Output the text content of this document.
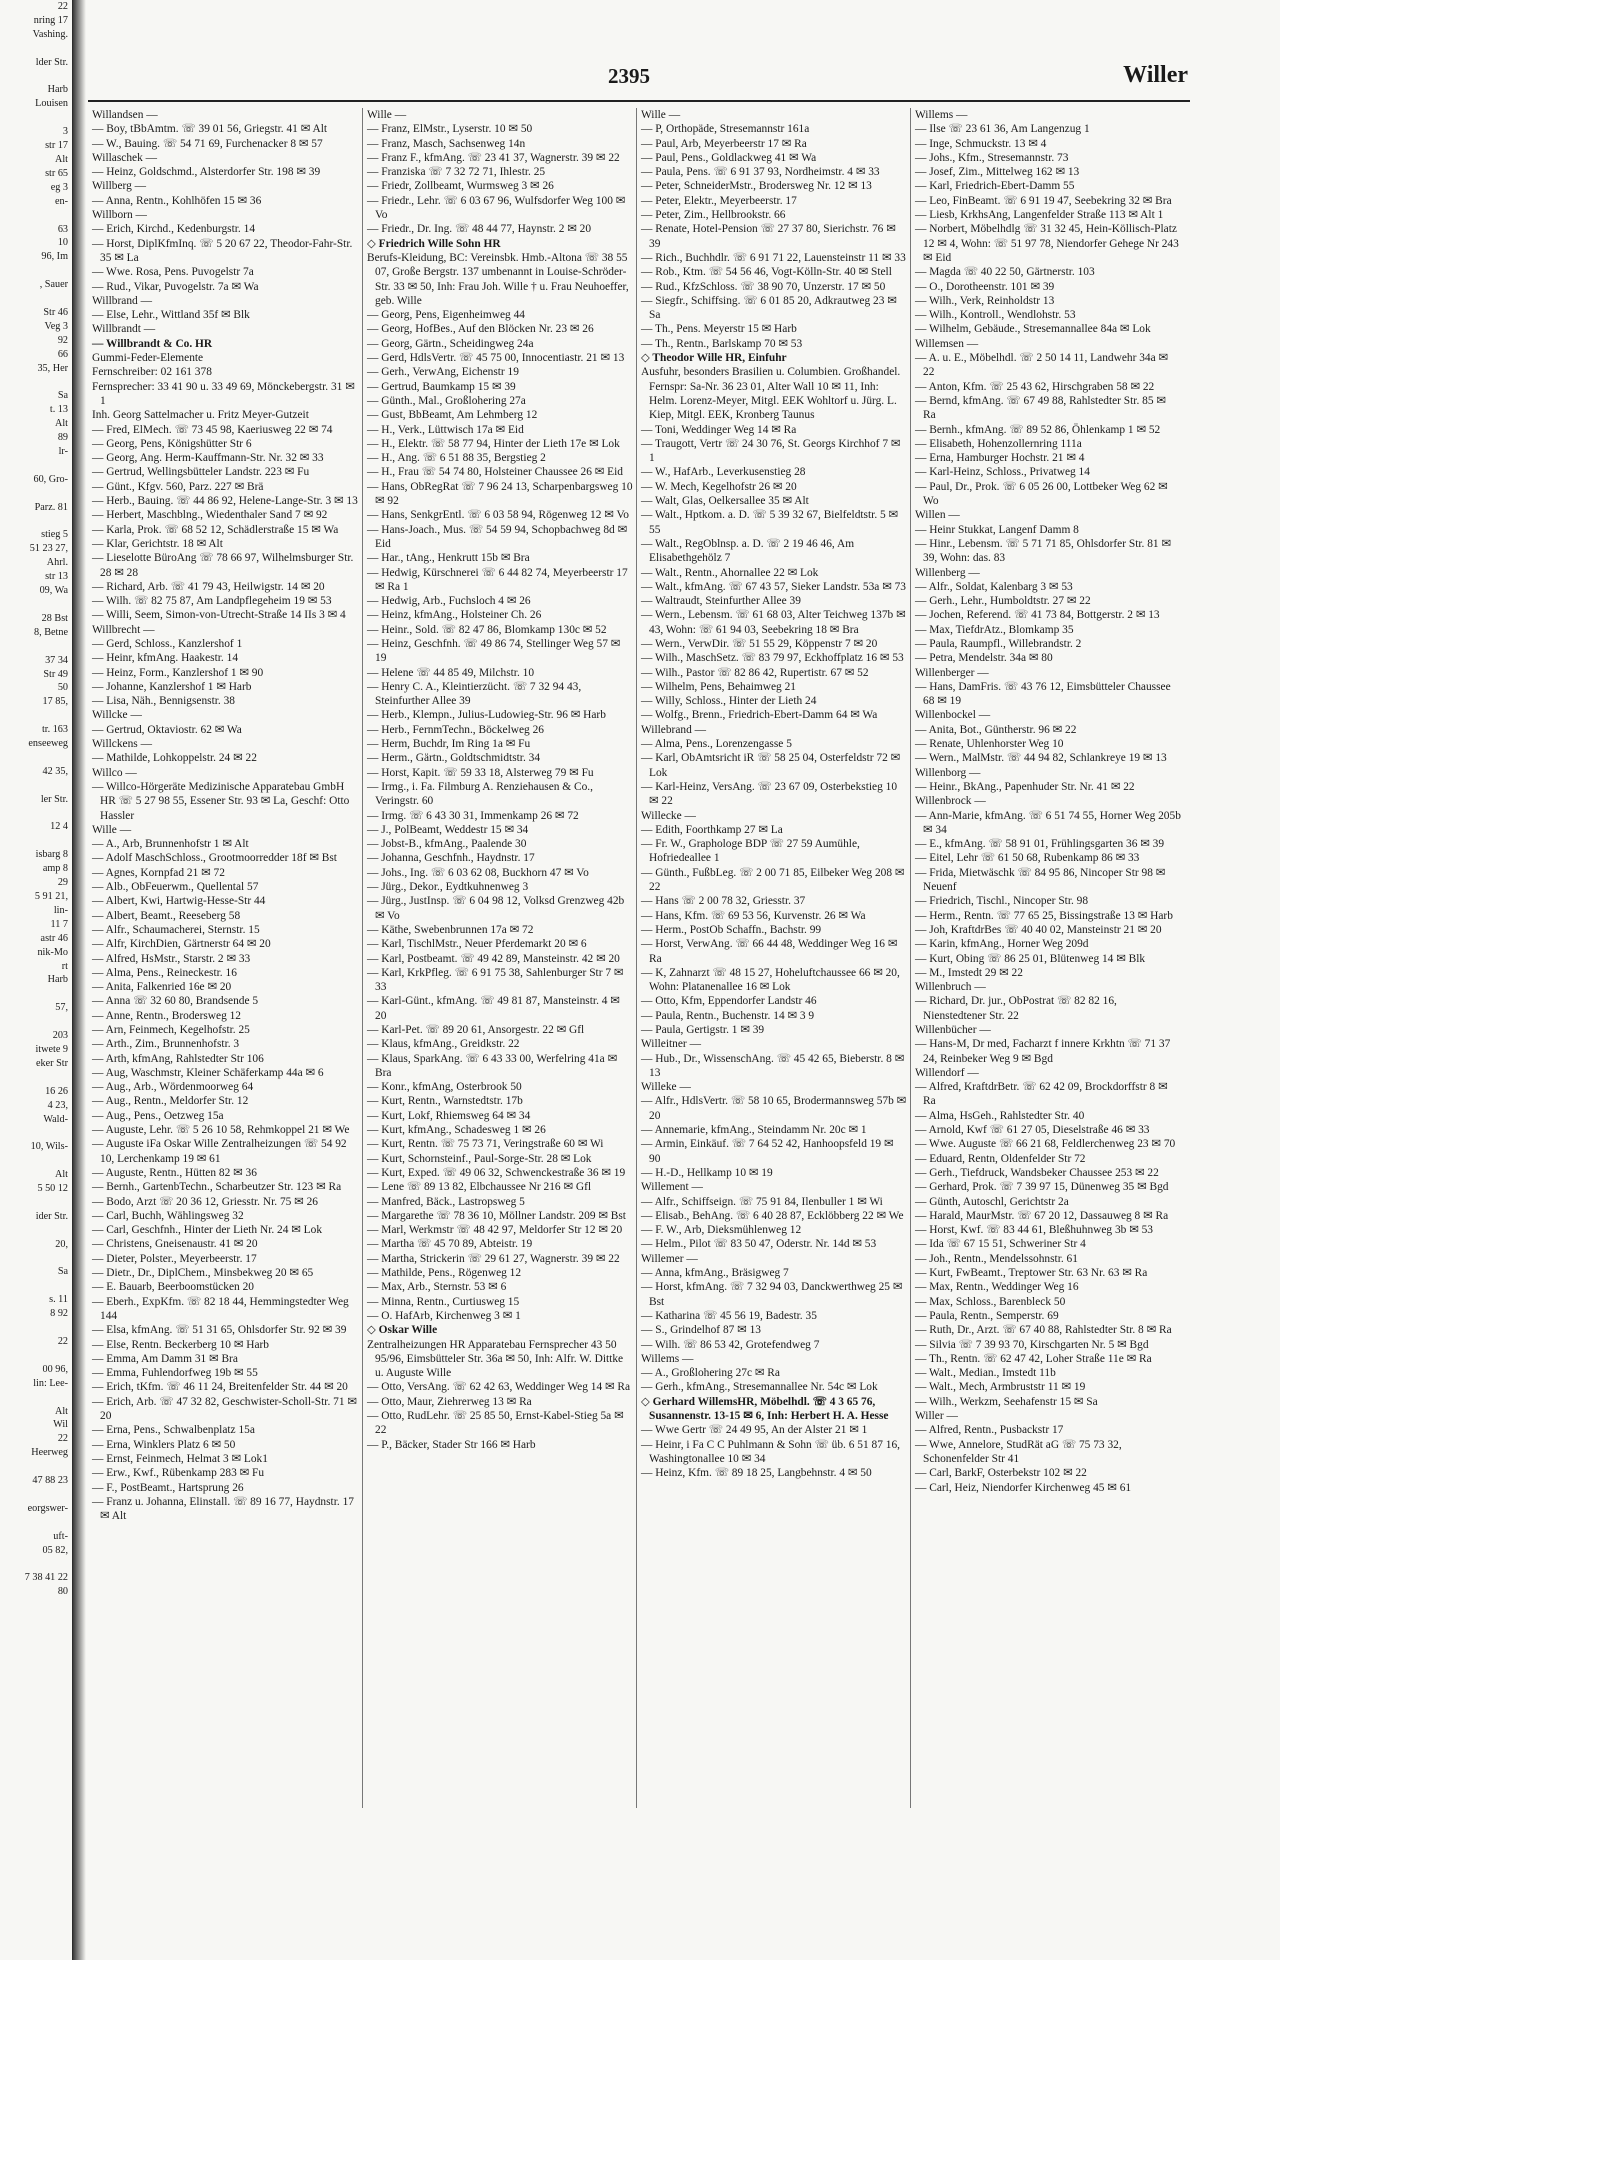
22
nring 17
Vashing.

lder Str.

Harb
Louisen

3
str 17
Alt
str 65
eg 3
en-

63
10
96, Im

, Sauer

Str 46
Veg 3
92
66
35, Her

Sa
t. 13
Alt
89
lr-

60, Gro-

Parz. 81

stieg 5
51 23 27,
Ahrl.
str 13
09, Wa

28 Bst
8, Betne

37 34
Str 49
50
17 85,

tr. 163
enseeweg

42 35,

ler Str.

12 4

isbarg 8
amp 8
29
5 91 21,
lin-
11 7
astr 46
nik-Mo
rt
Harb

57,

203
itwete 9
eker Str

16 26
4 23,
Wald-

10, Wils-

Alt
5 50 12

ider Str.

20,

Sa

s. 11
8 92

22

00 96,
lin: Lee-

Alt
Wil
22
Heerweg

47 88 23

eorgswer-

uft-
05 82,

7 38 41 22
80
2395	Willer
Willandsen —
— Boy, tBbAmtm. ☏ 39 01 56, Griegstr. 41 ✉ Alt
— W., Bauing. ☏ 54 71 69, Furchenacker 8 ✉ 57
Willaschek —
— Heinz, Goldschmd., Alsterdorfer Str. 198 ✉ 39
Willberg —
— Anna, Rentn., Kohlhöfen 15 ✉ 36
Willborn —
— Erich, Kirchd., Kedenburgstr. 14
— Horst, DiplKfmInq. ☏ 5 20 67 22, Theodor-Fahr-Str. 35 ✉ La
— Wwe. Rosa, Pens. Puvogelstr 7a
— Rud., Vikar, Puvogelstr. 7a ✉ Wa
Willbrand —
— Else, Lehr., Wittland 35f ✉ Blk
Willbrandt —
— Willbrandt & Co. HR
Gummi-Feder-Elemente
Fernschreiber: 02 161 378
Fernsprecher: 33 41 90 u. 33 49 69, Mönckebergstr. 31 ✉ 1
Inh. Georg Sattelmacher u. Fritz Meyer-Gutzeit
— Fred, ElMech. ☏ 73 45 98, Kaeriusweg 22 ✉ 74
— Georg, Pens, Königshütter Str 6
— Georg, Ang. Herm-Kauffmann-Str. Nr. 32 ✉ 33
— Gertrud, Wellingsbütteler Landstr. 223 ✉ Fu
— Günt., Kfgv. 560, Parz. 227 ✉ Brä
— Herb., Bauing. ☏ 44 86 92, Helene-Lange-Str. 3 ✉ 13
— Herbert, Maschblng., Wiedenthaler Sand 7 ✉ 92
— Karla, Prok. ☏ 68 52 12, Schädlerstraße 15 ✉ Wa
— Klar, Gerichtstr. 18 ✉ Alt
— Lieselotte BüroAng ☏ 78 66 97, Wilhelmsburger Str. 28 ✉ 28
— Richard, Arb. ☏ 41 79 43, Heilwigstr. 14 ✉ 20
— Wilh. ☏ 82 75 87, Am Landpflegeheim 19 ✉ 53
— Willi, Seem, Simon-von-Utrecht-Straße 14 IIs 3 ✉ 4
Willbrecht —
— Gerd, Schloss., Kanzlershof 1
— Heinr, kfmAng. Haakestr. 14
— Heinz, Form., Kanzlershof 1 ✉ 90
— Johanne, Kanzlershof 1 ✉ Harb
— Lisa, Näh., Bennigsenstr. 38
Willcke —
— Gertrud, Oktaviostr. 62 ✉ Wa
Willckens —
— Mathilde, Lohkoppelstr. 24 ✉ 22
Willco —
— Willco-Hörgeräte Medizinische Apparatebau GmbH HR ☏ 5 27 98 55, Essener Str. 93 ✉ La, Geschf: Otto Hassler
Wille —
— A., Arb, Brunnenhofstr 1 ✉ Alt
— Adolf MaschSchloss., Grootmoorredder 18f ✉ Bst
— Agnes, Kornpfad 21 ✉ 72
— Alb., ObFeuerwm., Quellental 57
— Albert, Kwi, Hartwig-Hesse-Str 44
— Albert, Beamt., Reeseberg 58
— Alfr., Schaumacherei, Sternstr. 15
— Alfr, KirchDien, Gärtnerstr 64 ✉ 20
— Alfred, HsMstr., Starstr. 2 ✉ 33
— Alma, Pens., Reineckestr. 16
— Anita, Falkenried 16e ✉ 20
— Anna ☏ 32 60 80, Brandsende 5
— Anne, Rentn., Brodersweg 12
— Arn, Feinmech, Kegelhofstr. 25
— Arth., Zim., Brunnenhofstr. 3
— Arth, kfmAng, Rahlstedter Str 106
— Aug, Waschmstr, Kleiner Schäferkamp 44a ✉ 6
— Aug., Arb., Wördenmoorweg 64
— Aug., Rentn., Meldorfer Str. 12
— Aug., Pens., Oetzweg 15a
— Auguste, Lehr. ☏ 5 26 10 58, Rehmkoppel 21 ✉ We
— Auguste iFa Oskar Wille Zentralheizungen ☏ 54 92 10, Lerchenkamp 19 ✉ 61
— Auguste, Rentn., Hütten 82 ✉ 36
— Bernh., GartenbTechn., Scharbeutzer Str. 123 ✉ Ra
— Bodo, Arzt ☏ 20 36 12, Griesstr. Nr. 75 ✉ 26
— Carl, Buchh, Wählingsweg 32
— Carl, Geschfnh., Hinter der Lieth Nr. 24 ✉ Lok
— Christens, Gneisenaustr. 41 ✉ 20
— Dieter, Polster., Meyerbeerstr. 17
— Dietr., Dr., DiplChem., Minsbekweg 20 ✉ 65
— E. Bauarb, Beerboomstücken 20
— Eberh., ExpKfm. ☏ 82 18 44, Hemmingstedter Weg 144
— Elsa, kfmAng. ☏ 51 31 65, Ohlsdorfer Str. 92 ✉ 39
— Else, Rentn. Beckerberg 10 ✉ Harb
— Emma, Am Damm 31 ✉ Bra
— Emma, Fuhlendorfweg 19b ✉ 55
— Erich, tKfm. ☏ 46 11 24, Breitenfelder Str. 44 ✉ 20
— Erich, Arb. ☏ 47 32 82, Geschwister-Scholl-Str. 71 ✉ 20
— Erna, Pens., Schwalbenplatz 15a
— Erna, Winklers Platz 6 ✉ 50
— Ernst, Feinmech, Helmat 3 ✉ Lok1
— Erw., Kwf., Rübenkamp 283 ✉ Fu
— F., PostBeamt., Hartsprung 26
— Franz u. Johanna, Elinstall. ☏ 89 16 77, Haydnstr. 17 ✉ Alt
Wille —
— Franz, ElMstr., Lyserstr. 10 ✉ 50
— Franz, Masch, Sachsenweg 14n
— Franz F., kfmAng. ☏ 23 41 37, Wagnerstr. 39 ✉ 22
— Franziska ☏ 7 32 72 71, Ihlestr. 25
— Friedr, Zollbeamt, Wurmsweg 3 ✉ 26
— Friedr., Lehr. ☏ 6 03 67 96, Wulfsdorfer Weg 100 ✉ Vo
— Friedr., Dr. Ing. ☏ 48 44 77, Haynstr. 2 ✉ 20
◇ Friedrich Wille Sohn HR
Berufs-Kleidung, BC: Vereinsbk. Hmb.-Altona ☏ 38 55 07, Große Bergstr. 137 umbenannt in Louise-Schröder-Str. 33 ✉ 50, Inh: Frau Joh. Wille † u. Frau Neuhoeffer, geb. Wille
— Georg, Pens, Eigenheimweg 44
— Georg, HofBes., Auf den Blöcken Nr. 23 ✉ 26
— Georg, Gärtn., Scheidingweg 24a
— Gerd, HdlsVertr. ☏ 45 75 00, Innocentiastr. 21 ✉ 13
— Gerh., VerwAng, Eichenstr 19
— Gertrud, Baumkamp 15 ✉ 39
— Günth., Mal., Großlohering 27a
— Gust, BbBeamt, Am Lehmberg 12
— H., Verk., Lüttwisch 17a ✉ Eid
— H., Elektr. ☏ 58 77 94, Hinter der Lieth 17e ✉ Lok
— H., Ang. ☏ 6 51 88 35, Bergstieg 2
— H., Frau ☏ 54 74 80, Holsteiner Chaussee 26 ✉ Eid
— Hans, ObRegRat ☏ 7 96 24 13, Scharpenbargsweg 10 ✉ 92
— Hans, SenkgrEntl. ☏ 6 03 58 94, Rögenweg 12 ✉ Vo
— Hans-Joach., Mus. ☏ 54 59 94, Schopbachweg 8d ✉ Eid
— Har., tAng., Henkrutt 15b ✉ Bra
— Hedwig, Kürschnerei ☏ 6 44 82 74, Meyerbeerstr 17 ✉ Ra 1
— Hedwig, Arb., Fuchsloch 4 ✉ 26
— Heinz, kfmAng., Holsteiner Ch. 26
— Heinr., Sold. ☏ 82 47 86, Blomkamp 130c ✉ 52
— Heinz, Geschfnh. ☏ 49 86 74, Stellinger Weg 57 ✉ 19
— Helene ☏ 44 85 49, Milchstr. 10
— Henry C. A., Kleintierzücht. ☏ 7 32 94 43, Steinfurther Allee 39
— Herb., Klempn., Julius-Ludowieg-Str. 96 ✉ Harb
— Herb., FernmTechn., Böckelweg 26
— Herm, Buchdr, Im Ring 1a ✉ Fu
— Herm., Gärtn., Goldtschmidtstr. 34
— Horst, Kapit. ☏ 59 33 18, Alsterweg 79 ✉ Fu
— Irmg., i. Fa. Filmburg A. Renziehausen & Co., Veringstr. 60
— Irmg. ☏ 6 43 30 31, Immenkamp 26 ✉ 72
— J., PolBeamt, Weddestr 15 ✉ 34
— Jobst-B., kfmAng., Paalende 30
— Johanna, Geschfnh., Haydnstr. 17
— Johs., Ing. ☏ 6 03 62 08, Buckhorn 47 ✉ Vo
— Jürg., Dekor., Eydtkuhnenweg 3
— Jürg., JustInsp. ☏ 6 04 98 12, Volksd Grenzweg 42b ✉ Vo
— Käthe, Swebenbrunnen 17a ✉ 72
— Karl, TischlMstr., Neuer Pferdemarkt 20 ✉ 6
— Karl, Postbeamt. ☏ 49 42 89, Mansteinstr. 42 ✉ 20
— Karl, KrkPfleg. ☏ 6 91 75 38, Sahlenburger Str 7 ✉ 33
— Karl-Günt., kfmAng. ☏ 49 81 87, Mansteinstr. 4 ✉ 20
— Karl-Pet. ☏ 89 20 61, Ansorgestr. 22 ✉ Gfl
— Klaus, kfmAng., Greidkstr. 22
— Klaus, SparkAng. ☏ 6 43 33 00, Werfelring 41a ✉ Bra
— Konr., kfmAng, Osterbrook 50
— Kurt, Rentn., Warnstedtstr. 17b
— Kurt, Lokf, Rhiemsweg 64 ✉ 34
— Kurt, kfmAng., Schadesweg 1 ✉ 26
— Kurt, Rentn. ☏ 75 73 71, Veringstraße 60 ✉ Wi
— Kurt, Schornsteinf., Paul-Sorge-Str. 28 ✉ Lok
— Kurt, Exped. ☏ 49 06 32, Schwenckestraße 36 ✉ 19
— Lene ☏ 89 13 82, Elbchaussee Nr 216 ✉ Gfl
— Manfred, Bäck., Lastropsweg 5
— Margarethe ☏ 78 36 10, Möllner Landstr. 209 ✉ Bst
— Marl, Werkmstr ☏ 48 42 97, Meldorfer Str 12 ✉ 20
— Martha ☏ 45 70 89, Abteistr. 19
— Martha, Strickerin ☏ 29 61 27, Wagnerstr. 39 ✉ 22
— Mathilde, Pens., Rögenweg 12
— Max, Arb., Sternstr. 53 ✉ 6
— Minna, Rentn., Curtiusweg 15
— O. HafArb, Kirchenweg 3 ✉ 1
◇ Oskar Wille
Zentralheizungen HR Apparatebau Fernsprecher 43 50 95/96, Eimsbütteler Str. 36a ✉ 50, Inh: Alfr. W. Dittke u. Auguste Wille
— Otto, VersAng. ☏ 62 42 63, Weddinger Weg 14 ✉ Ra
— Otto, Maur, Ziehrerweg 13 ✉ Ra
— Otto, RudLehr. ☏ 25 85 50, Ernst-Kabel-Stieg 5a ✉ 22
— P., Bäcker, Stader Str 166 ✉ Harb
Wille —
— P, Orthopäde, Stresemannstr 161a
— Paul, Arb, Meyerbeerstr 17 ✉ Ra
— Paul, Pens., Goldlackweg 41 ✉ Wa
— Paula, Pens. ☏ 6 91 37 93, Nordheimstr. 4 ✉ 33
— Peter, SchneiderMstr., Brodersweg Nr. 12 ✉ 13
— Peter, Elektr., Meyerbeerstr. 17
— Peter, Zim., Hellbrookstr. 66
— Renate, Hotel-Pension ☏ 27 37 80, Sierichstr. 76 ✉ 39
— Rich., Buchhdlr. ☏ 6 91 71 22, Lauensteinstr 11 ✉ 33
— Rob., Ktm. ☏ 54 56 46, Vogt-Kölln-Str. 40 ✉ Stell
— Rud., KfzSchloss. ☏ 38 90 70, Unzerstr. 17 ✉ 50
— Siegfr., Schiffsing. ☏ 6 01 85 20, Adkrautweg 23 ✉ Sa
— Th., Pens. Meyerstr 15 ✉ Harb
— Th., Rentn., Barlskamp 70 ✉ 53
◇ Theodor Wille HR, Einfuhr
Ausfuhr, besonders Brasilien u. Columbien. Großhandel. Fernspr: Sa-Nr. 36 23 01, Alter Wall 10 ✉ 11, Inh: Helm. Lorenz-Meyer, Mitgl. EEK Wohltorf u. Jürg. L. Kiep, Mitgl. EEK, Kronberg Taunus
— Toni, Weddinger Weg 14 ✉ Ra
— Traugott, Vertr ☏ 24 30 76, St. Georgs Kirchhof 7 ✉ 1
— W., HafArb., Leverkusenstieg 28
— W. Mech, Kegelhofstr 26 ✉ 20
— Walt, Glas, Oelkersallee 35 ✉ Alt
— Walt., Hptkom. a. D. ☏ 5 39 32 67, Bielfeldtstr. 5 ✉ 55
— Walt., RegOblnsp. a. D. ☏ 2 19 46 46, Am Elisabethgehölz 7
— Walt., Rentn., Ahornallee 22 ✉ Lok
— Walt., kfmAng. ☏ 67 43 57, Sieker Landstr. 53a ✉ 73
— Waltraudt, Steinfurther Allee 39
— Wern., Lebensm. ☏ 61 68 03, Alter Teichweg 137b ✉ 43, Wohn: ☏ 61 94 03, Seebekring 18 ✉ Bra
— Wern., VerwDir. ☏ 51 55 29, Köppenstr 7 ✉ 20
— Wilh., MaschSetz. ☏ 83 79 97, Eckhoffplatz 16 ✉ 53
— Wilh., Pastor ☏ 82 86 42, Rupertistr. 67 ✉ 52
— Wilhelm, Pens, Behaimweg 21
— Willy, Schloss., Hinter der Lieth 24
— Wolfg., Brenn., Friedrich-Ebert-Damm 64 ✉ Wa
Willebrand —
— Alma, Pens., Lorenzengasse 5
— Karl, ObAmtsricht iR ☏ 58 25 04, Osterfeldstr 72 ✉ Lok
— Karl-Heinz, VersAng. ☏ 23 67 09, Osterbekstieg 10 ✉ 22
Willecke —
— Edith, Foorthkamp 27 ✉ La
— Fr. W., Graphologe BDP ☏ 27 59 Aumühle, Hofriedeallee 1
— Günth., FußbLeg. ☏ 2 00 71 85, Eilbeker Weg 208 ✉ 22
— Hans ☏ 2 00 78 32, Griesstr. 37
— Hans, Kfm. ☏ 69 53 56, Kurvenstr. 26 ✉ Wa
— Herm., PostOb Schaffn., Bachstr. 99
— Horst, VerwAng. ☏ 66 44 48, Weddinger Weg 16 ✉ Ra
— K, Zahnarzt ☏ 48 15 27, Hoheluftchaussee 66 ✉ 20, Wohn: Platanenallee 16 ✉ Lok
— Otto, Kfm, Eppendorfer Landstr 46
— Paula, Rentn., Buchenstr. 14 ✉ 3 9
— Paula, Gertigstr. 1 ✉ 39
Willeitner —
— Hub., Dr., WissenschAng. ☏ 45 42 65, Bieberstr. 8 ✉ 13
Willeke —
— Alfr., HdlsVertr. ☏ 58 10 65, Brodermannsweg 57b ✉ 20
— Annemarie, kfmAng., Steindamm Nr. 20c ✉ 1
— Armin, Einkäuf. ☏ 7 64 52 42, Hanhoopsfeld 19 ✉ 90
— H.-D., Hellkamp 10 ✉ 19
Willement —
— Alfr., Schiffseign. ☏ 75 91 84, Ilenbuller 1 ✉ Wi
— Elisab., BehAng. ☏ 6 40 28 87, Ecklöbberg 22 ✉ We
— F. W., Arb, Dieksmühlenweg 12
— Helm., Pilot ☏ 83 50 47, Oderstr. Nr. 14d ✉ 53
Willemer —
— Anna, kfmAng., Bräsigweg 7
— Horst, kfmAng. ☏ 7 32 94 03, Danckwerthweg 25 ✉ Bst
— Katharina ☏ 45 56 19, Badestr. 35
— S., Grindelhof 87 ✉ 13
— Wilh. ☏ 86 53 42, Grotefendweg 7
Willems —
— A., Großlohering 27c ✉ Ra
— Gerh., kfmAng., Stresemannallee Nr. 54c ✉ Lok
◇ Gerhard WillemsHR, Möbelhdl. ☏ 4 3 65 76, Susannenstr. 13-15 ✉ 6, Inh: Herbert H. A. Hesse
— Wwe Gertr ☏ 24 49 95, An der Alster 21 ✉ 1
— Heinr, i Fa C C Puhlmann & Sohn ☏ üb. 6 51 87 16, Washingtonallee 10 ✉ 34
— Heinz, Kfm. ☏ 89 18 25, Langbehnstr. 4 ✉ 50
Willems —
— Ilse ☏ 23 61 36, Am Langenzug 1
— Inge, Schmuckstr. 13 ✉ 4
— Johs., Kfm., Stresemannstr. 73
— Josef, Zim., Mittelweg 162 ✉ 13
— Karl, Friedrich-Ebert-Damm 55
— Leo, FinBeamt. ☏ 6 91 19 47, Seebekring 32 ✉ Bra
— Liesb, KrkhsAng, Langenfelder Straße 113 ✉ Alt 1
— Norbert, Möbelhdlg ☏ 31 32 45, Hein-Köllisch-Platz 12 ✉ 4, Wohn: ☏ 51 97 78, Niendorfer Gehege Nr 243 ✉ Eid
— Magda ☏ 40 22 50, Gärtnerstr. 103
— O., Dorotheenstr. 101 ✉ 39
— Wilh., Verk, Reinholdstr 13
— Wilh., Kontroll., Wendlohstr. 53
— Wilhelm, Gebäude., Stresemannallee 84a ✉ Lok
Willemsen —
— A. u. E., Möbelhdl. ☏ 2 50 14 11, Landwehr 34a ✉ 22
— Anton, Kfm. ☏ 25 43 62, Hirschgraben 58 ✉ 22
— Bernd, kfmAng. ☏ 67 49 88, Rahlstedter Str. 85 ✉ Ra
— Bernh., kfmAng. ☏ 89 52 86, Öhlenkamp 1 ✉ 52
— Elisabeth, Hohenzollernring 111a
— Erna, Hamburger Hochstr. 21 ✉ 4
— Karl-Heinz, Schloss., Privatweg 14
— Paul, Dr., Prok. ☏ 6 05 26 00, Lottbeker Weg 62 ✉ Wo
Willen —
— Heinr Stukkat, Langenf Damm 8
— Hinr., Lebensm. ☏ 5 71 71 85, Ohlsdorfer Str. 81 ✉ 39, Wohn: das. 83
Willenberg —
— Alfr., Soldat, Kalenbarg 3 ✉ 53
— Gerh., Lehr., Humboldtstr. 27 ✉ 22
— Jochen, Referend. ☏ 41 73 84, Bottgerstr. 2 ✉ 13
— Max, TiefdrAtz., Blomkamp 35
— Paula, Raumpfl., Willebrandstr. 2
— Petra, Mendelstr. 34a ✉ 80
Willenberger —
— Hans, DamFris. ☏ 43 76 12, Eimsbütteler Chaussee 68 ✉ 19
Willenbockel —
— Anita, Bot., Güntherstr. 96 ✉ 22
— Renate, Uhlenhorster Weg 10
— Wern., MalMstr. ☏ 44 94 82, Schlankreye 19 ✉ 13
Willenborg —
— Heinr., BkAng., Papenhuder Str. Nr. 41 ✉ 22
Willenbrock —
— Ann-Marie, kfmAng. ☏ 6 51 74 55, Horner Weg 205b ✉ 34
— E., kfmAng. ☏ 58 91 01, Frühlingsgarten 36 ✉ 39
— Eitel, Lehr ☏ 61 50 68, Rubenkamp 86 ✉ 33
— Frida, Mietwäschk ☏ 84 95 86, Nincoper Str 98 ✉ Neuenf
— Friedrich, Tischl., Nincoper Str. 98
— Herm., Rentn. ☏ 77 65 25, Bissingstraße 13 ✉ Harb
— Joh, KraftdrBes ☏ 40 40 02, Mansteinstr 21 ✉ 20
— Karin, kfmAng., Horner Weg 209d
— Kurt, Obing ☏ 86 25 01, Blütenweg 14 ✉ Blk
— M., Imstedt 29 ✉ 22
Willenbruch —
— Richard, Dr. jur., ObPostrat ☏ 82 82 16, Nienstedtener Str. 22
Willenbücher —
— Hans-M, Dr med, Facharzt f innere Krkhtn ☏ 71 37 24, Reinbeker Weg 9 ✉ Bgd
Willendorf —
— Alfred, KraftdrBetr. ☏ 62 42 09, Brockdorffstr 8 ✉ Ra
— Alma, HsGeh., Rahlstedter Str. 40
— Arnold, Kwf ☏ 61 27 05, Dieselstraße 46 ✉ 33
— Wwe. Auguste ☏ 66 21 68, Feldlerchenweg 23 ✉ 70
— Eduard, Rentn, Oldenfelder Str 72
— Gerh., Tiefdruck, Wandsbeker Chaussee 253 ✉ 22
— Gerhard, Prok. ☏ 7 39 97 15, Dünenweg 35 ✉ Bgd
— Günth, Autoschl, Gerichtstr 2a
— Harald, MaurMstr. ☏ 67 20 12, Dassauweg 8 ✉ Ra
— Horst, Kwf. ☏ 83 44 61, Bleßhuhnweg 3b ✉ 53
— Ida ☏ 67 15 51, Schweriner Str 4
— Joh., Rentn., Mendelssohnstr. 61
— Kurt, FwBeamt., Treptower Str. 63 Nr. 63 ✉ Ra
— Max, Rentn., Weddinger Weg 16
— Max, Schloss., Barenbleck 50
— Paula, Rentn., Semperstr. 69
— Ruth, Dr., Arzt. ☏ 67 40 88, Rahlstedter Str. 8 ✉ Ra
— Silvia ☏ 7 39 93 70, Kirschgarten Nr. 5 ✉ Bgd
— Th., Rentn. ☏ 62 47 42, Loher Straße 11e ✉ Ra
— Walt., Median., Imstedt 11b
— Walt., Mech, Armbruststr 11 ✉ 19
— Wilh., Werkzm, Seehafenstr 15 ✉ Sa
Willer —
— Alfred, Rentn., Pusbackstr 17
— Wwe, Annelore, StudRät aG ☏ 75 73 32, Schonenfelder Str 41
— Carl, BarkF, Osterbekstr 102 ✉ 22
— Carl, Heiz, Niendorfer Kirchenweg 45 ✉ 61
